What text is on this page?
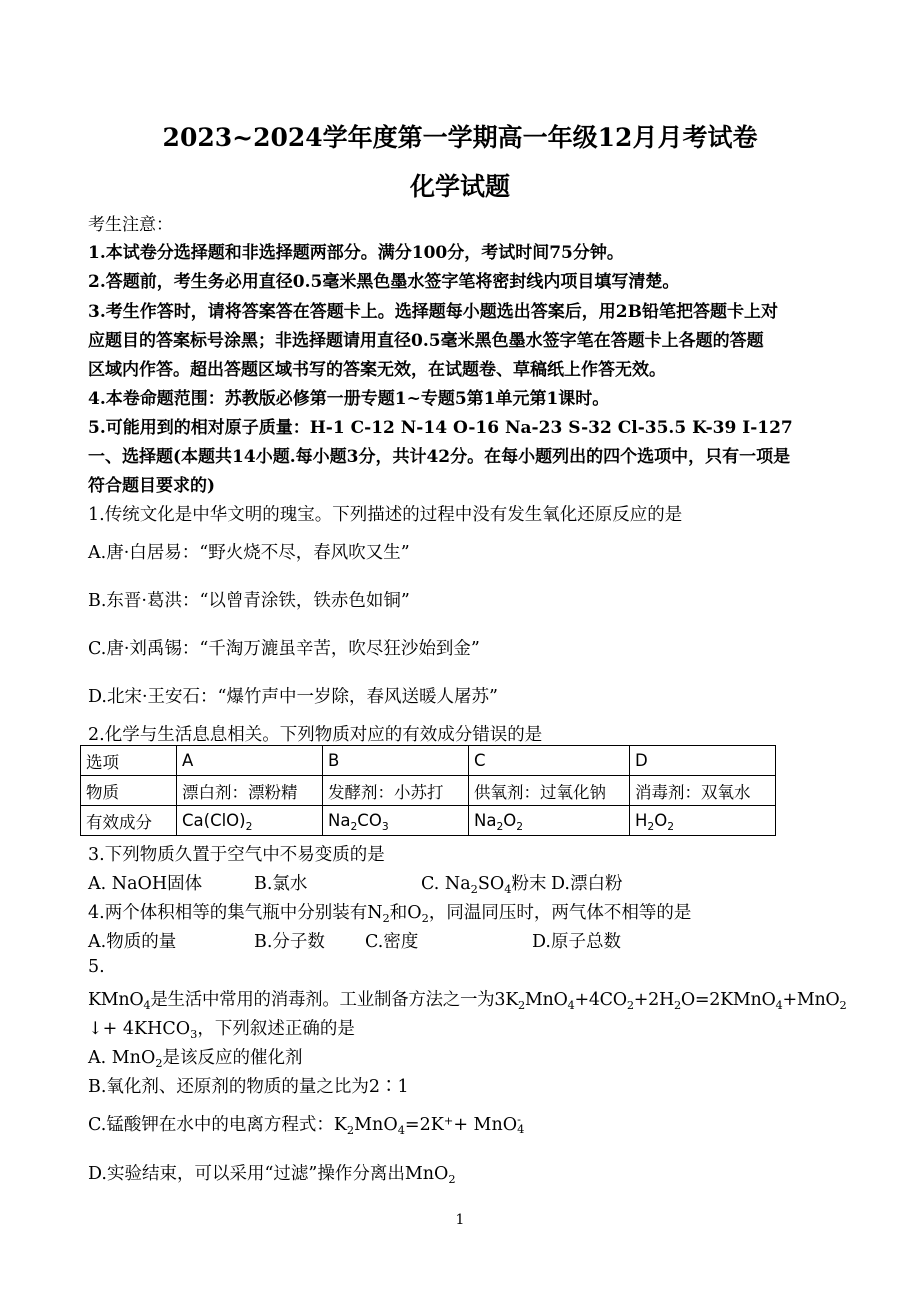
2023~2024学年度第一学期高一年级12月月考试卷
化学试题
考生注意：
1.本试卷分选择题和非选择题两部分。满分100分，考试时间75分钟。
2.答题前，考生务必用直径0.5毫米黑色墨水签字笔将密封线内项目填写清楚。
3.考生作答时，请将答案答在答题卡上。选择题每小题选出答案后，用2B铅笔把答题卡上对
应题目的答案标号涂黑；非选择题请用直径0.5毫米黑色墨水签字笔在答题卡上各题的答题
区域内作答。超出答题区域书写的答案无效，在试题卷、草稿纸上作答无效。
4.本卷命题范围：苏教版必修第一册专题1~专题5第1单元第1课时。
5.可能用到的相对原子质量：H-1 C-12 N-14 O-16 Na-23 S-32 Cl-35.5 K-39 I-127
一、选择题(本题共14小题.每小题3分，共计42分。在每小题列出的四个选项中，只有一项是
符合题目要求的)
1.传统文化是中华文明的瑰宝。下列描述的过程中没有发生氧化还原反应的是
A.唐·白居易：“野火烧不尽，春风吹又生”
B.东晋·葛洪：“以曾青涂铁，铁赤色如铜”
C.唐·刘禹锡：“千淘万漉虽辛苦，吹尽狂沙始到金”
D.北宋·王安石：“爆竹声中一岁除，春风送暖人屠苏”
2.化学与生活息息相关。下列物质对应的有效成分错误的是
选项	A	B	C	D
物质	漂白剂：漂粉精	发酵剂：小苏打	供氧剂：过氧化钠	消毒剂：双氧水
有效成分	$Ca(ClO)_2$	$Na_2CO_3$	$Na_2O_2$	$H_2O_2$
3.下列物质久置于空气中不易变质的是
A. NaOH固体	B.氯水	C. $Na_2SO_4$粉末 D.漂白粉
4.两个体积相等的集气瓶中分别装有$N_2$和$O_2$，同温同压时，两气体不相等的是
A.物质的量	B.分子数 C.密度	D.原子总数
5.
KMnO$_4$是生活中常用的消毒剂。工业制备方法之一为$3K_2MnO_4+4CO_2+2H_2O=2KMnO_4+MnO_2$
↓+ $4KHCO_3$，下列叙述正确的是
A. MnO$_2$是该反应的催化剂
B.氧化剂、还原剂的物质的量之比为2∶1
C.锰酸钾在水中的电离方程式：$K_2MnO_4=2K^++$ MnO -
4
D.实验结束，可以采用“过滤”操作分离出MnO$_2$
1
